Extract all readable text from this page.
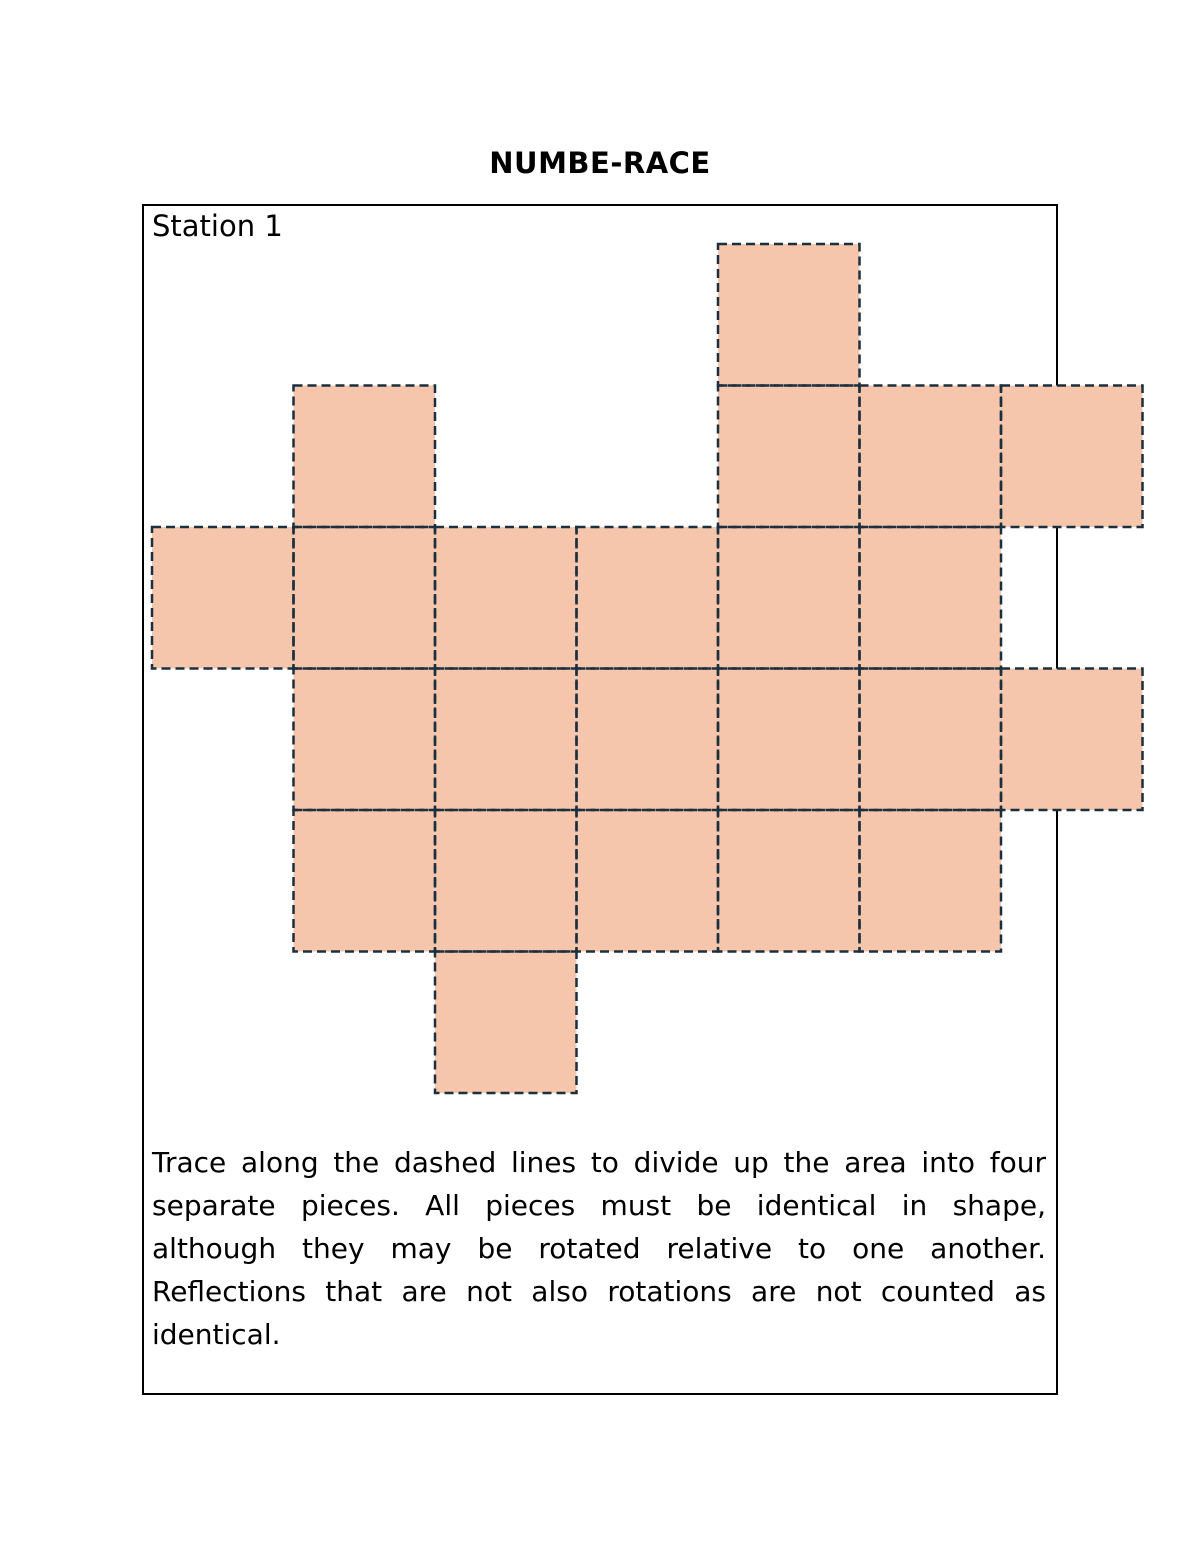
NUMBE-RACE
Station 1
Trace along the dashed lines to divide up the area into four separate pieces. All pieces must be identical in shape, although they may be rotated relative to one another. Reflections that are not also rotations are not counted as identical.
